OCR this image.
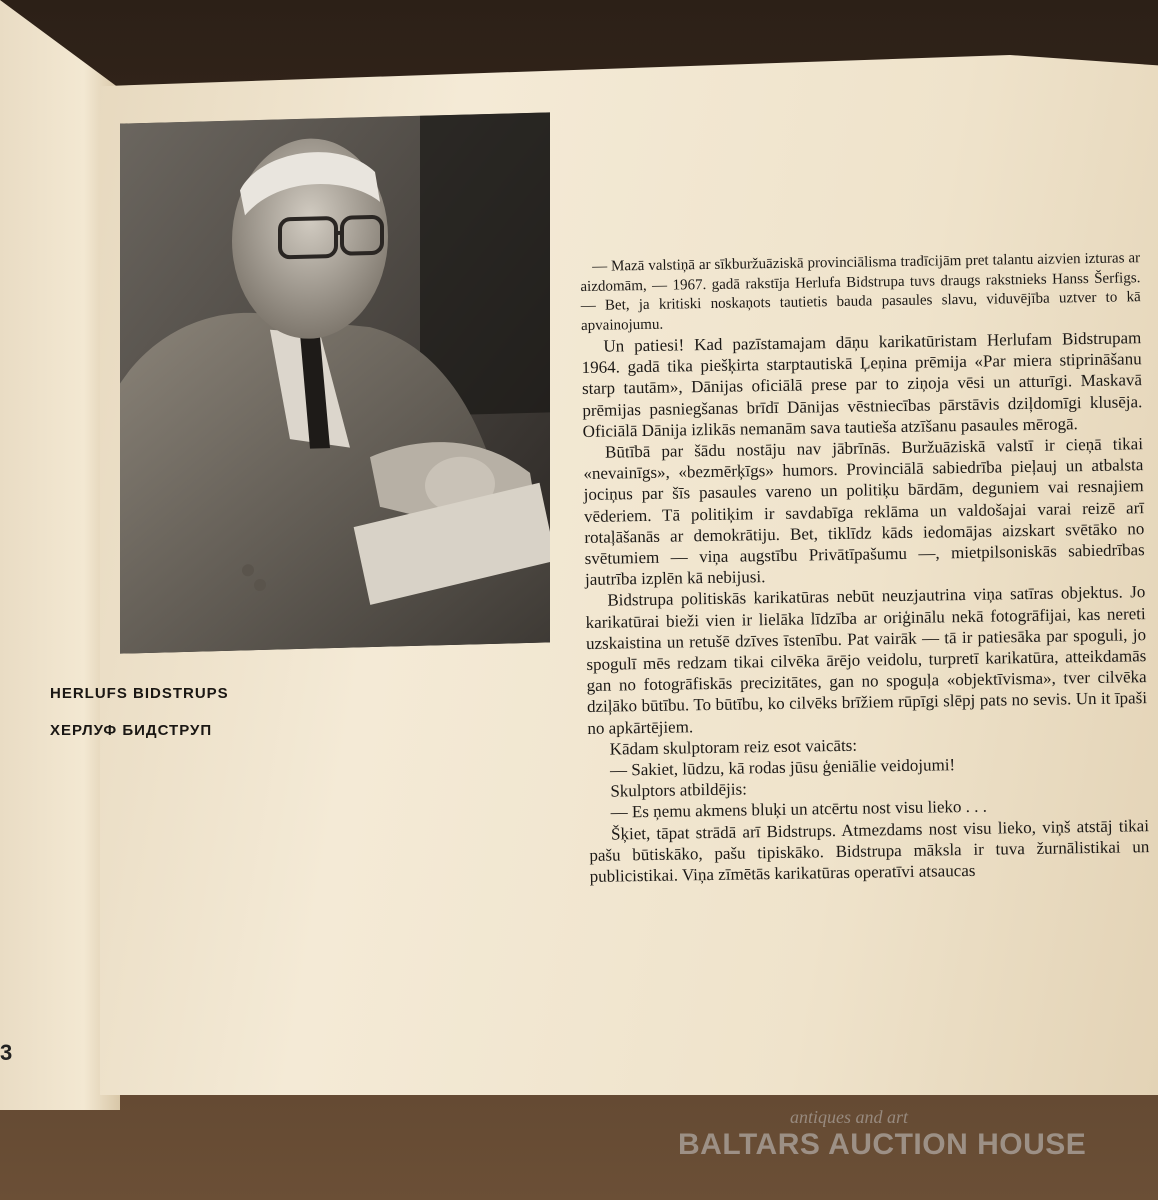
HERLUFS BIDSTRUPS
ХЕРЛУФ БИДСТРУП
3

— Mazā valstiņā ar sīkburžuāziskā provinciālisma tradīcijām pret talantu aizvien izturas ar aizdomām, — 1967. gadā rakstīja Herlufa Bidstrupa tuvs draugs rakstnieks Hanss Šerfigs. — Bet, ja kritiski noskaņots tautietis bauda pasaules slavu, viduvējība uztver to kā apvainojumu.

Un patiesi! Kad pazīstamajam dāņu karikatūristam Herlufam Bidstrupam 1964. gadā tika piešķirta starptautiskā Ļeņina prēmija «Par miera stiprināšanu starp tautām», Dānijas oficiālā prese par to ziņoja vēsi un atturīgi. Maskavā prēmijas pasniegšanas brīdī Dānijas vēstniecības pārstāvis dziļdomīgi klusēja. Oficiālā Dānija izlikās nemanām sava tautieša atzīšanu pasaules mērogā.

Būtībā par šādu nostāju nav jābrīnās. Buržuāziskā valstī ir cieņā tikai «nevainīgs», «bezmērķīgs» humors. Provinciālā sabiedrība pieļauj un atbalsta jociņus par šīs pasaules vareno un politiķu bārdām, deguniem vai resnajiem vēderiem. Tā politiķim ir savdabīga reklāma un valdošajai varai reizē arī rotaļāšanās ar demokrātiju. Bet, tiklīdz kāds iedomājas aizskart svētāko no svētumiem — viņa augstību Privātīpašumu —, mietpilsoniskās sabiedrības jautrība izplēn kā nebijusi.

Bidstrupa politiskās karikatūras nebūt neuzjautrina viņa satīras objektus. Jo karikatūrai bieži vien ir lielāka līdzība ar oriģinālu nekā fotogrāfijai, kas nereti uzskaistina un retušē dzīves īstenību. Pat vairāk — tā ir patiesāka par spoguli, jo spogulī mēs redzam tikai cilvēka ārējo veidolu, turpretī karikatūra, atteikdamās gan no fotogrāfiskās precizitātes, gan no spoguļa «objektīvisma», tver cilvēka dziļāko būtību. To būtību, ko cilvēks brīžiem rūpīgi slēpj pats no sevis. Un it īpaši no apkārtējiem.

Kādam skulptoram reiz esot vaicāts:

— Sakiet, lūdzu, kā rodas jūsu ģeniālie veidojumi!

Skulptors atbildējis:

— Es ņemu akmens bluķi un atcērtu nost visu lieko . . .

Šķiet, tāpat strādā arī Bidstrups. Atmezdams nost visu lieko, viņš atstāj tikai pašu būtiskāko, pašu tipiskāko. Bidstrupa māksla ir tuva žurnālistikai un publicistikai. Viņa zīmētās karikatūras operatīvi atsaucas

antiques and art
BALTARS AUCTION HOUSE
